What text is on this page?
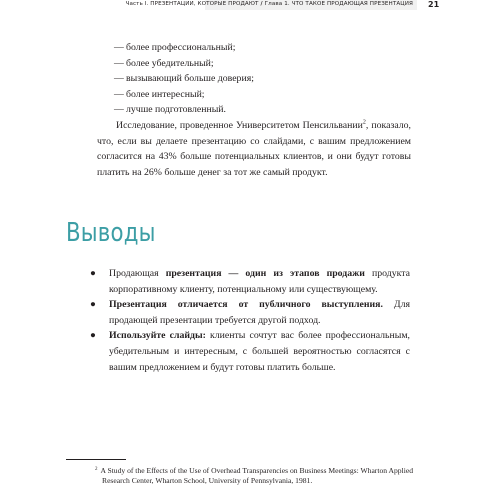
Часть I. ПРЕЗЕНТАЦИИ, КОТОРЫЕ ПРОДАЮТ / Глава 1. ЧТО ТАКОЕ ПРОДАЮЩАЯ ПРЕЗЕНТАЦИЯ 21
— более профессиональный;
— более убедительный;
— вызывающий больше доверия;
— более интересный;
— лучше подготовленный.

Исследование, проведенное Университетом Пенсильвании$^2$, показало, что, если вы делаете презентацию со слайдами, с вашим предложением согласится на 43% больше потенциальных клиентов, и они будут готовы платить на 26% больше денег за тот же самый продукт.

Выводы
● Продающая презентация — один из этапов продажи продукта корпоративному клиенту, потенциальному или существующему.
● Презентация отличается от публичного выступления. Для продающей презентации требуется другой подход.
● Используйте слайды: клиенты сочтут вас более профессиональным, убедительным и интересным, с большей вероятностью согласятся с вашим предложением и будут готовы платить больше.
$^2$ A Study of the Effects of the Use of Overhead Transparencies on Business Meetings: Wharton Applied Research Center, Wharton School, University of Pennsylvania, 1981.
